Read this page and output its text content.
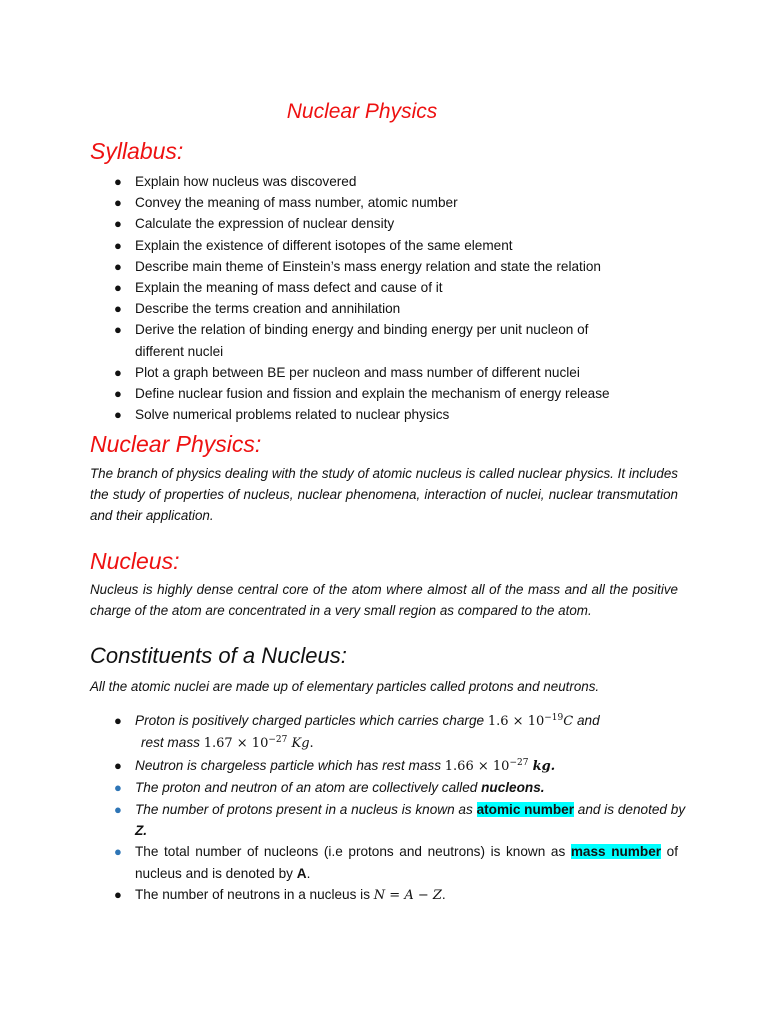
Nuclear Physics
Syllabus:
● Explain how nucleus was discovered
● Convey the meaning of mass number, atomic number
● Calculate the expression of nuclear density
● Explain the existence of different isotopes of the same element
● Describe main theme of Einstein’s mass energy relation and state the relation
● Explain the meaning of mass defect and cause of it
● Describe the terms creation and annihilation
● Derive the relation of binding energy and binding energy per unit nucleon of different nuclei
● Plot a graph between BE per nucleon and mass number of different nuclei
● Define nuclear fusion and fission and explain the mechanism of energy release
● Solve numerical problems related to nuclear physics
Nuclear Physics:

The branch of physics dealing with the study of atomic nucleus is called nuclear physics. It includes the study of properties of nucleus, nuclear phenomena, interaction of nuclei, nuclear transmutation and their application.

Nucleus:

Nucleus is highly dense central core of the atom where almost all of the mass and all the positive charge of the atom are concentrated in a very small region as compared to the atom.

Constituents of a Nucleus:

All the atomic nuclei are made up of elementary particles called protons and neutrons.

● Proton is positively charged particles which carries charge $1.6 \times 10^{-19}C$ and
rest mass $1.67 \times 10^{-27}$ Kg.
● Neutron is chargeless particle which has rest mass $1.66 \times 10^{-27}$ kg.
● The proton and neutron of an atom are collectively called nucleons.
● The number of protons present in a nucleus is known as atomic number and is denoted by
Z.
● The total number of nucleons (i.e protons and neutrons) is known as mass number of
nucleus and is denoted by A.
● The number of neutrons in a nucleus is N = A − Z.
